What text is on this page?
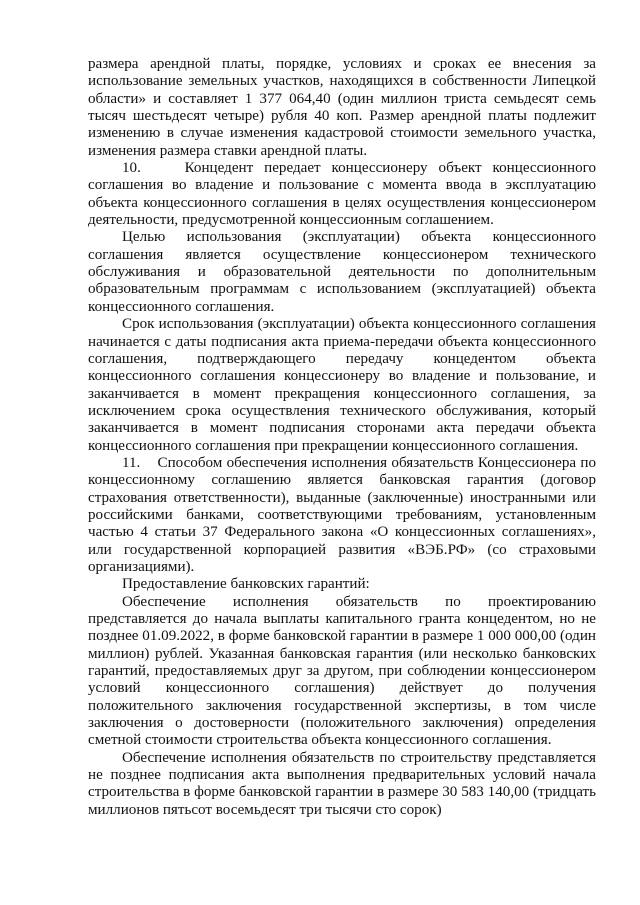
размера арендной платы, порядке, условиях и сроках ее внесения за использование земельных участков, находящихся в собственности Липецкой области» и составляет 1 377 064,40 (один миллион триста семьдесят семь тысяч шестьдесят четыре) рубля 40 коп. Размер арендной платы подлежит изменению в случае изменения кадастровой стоимости земельного участка, изменения размера ставки арендной платы.

10.    Концедент передает концессионеру объект концессионного соглашения во владение и пользование с момента ввода в эксплуатацию объекта концессионного соглашения в целях осуществления концессионером деятельности, предусмотренной концессионным соглашением.

Целью использования (эксплуатации) объекта концессионного соглашения является осуществление концессионером технического обслуживания и образовательной деятельности по дополнительным образовательным программам с использованием (эксплуатацией) объекта концессионного соглашения.

Срок использования (эксплуатации) объекта концессионного соглашения начинается с даты подписания акта приема-передачи объекта концессионного соглашения, подтверждающего передачу концедентом объекта концессионного соглашения концессионеру во владение и пользование, и заканчивается в момент прекращения концессионного соглашения, за исключением срока осуществления технического обслуживания, который заканчивается в момент подписания сторонами акта передачи объекта концессионного соглашения при прекращении концессионного соглашения.

11.    Способом обеспечения исполнения обязательств Концессионера по концессионному соглашению является банковская гарантия (договор страхования ответственности), выданные (заключенные) иностранными или российскими банками, соответствующими требованиям, установленным частью 4 статьи 37 Федерального закона «О концессионных соглашениях», или государственной корпорацией развития «ВЭБ.РФ» (со страховыми организациями).

Предоставление банковских гарантий:

Обеспечение исполнения обязательств по проектированию представляется до начала выплаты капитального гранта концедентом, но не позднее 01.09.2022, в форме банковской гарантии в размере 1 000 000,00 (один миллион) рублей. Указанная банковская гарантия (или несколько банковских гарантий, предоставляемых друг за другом, при соблюдении концессионером условий концессионного соглашения) действует до получения положительного заключения государственной экспертизы, в том числе заключения о достоверности (положительного заключения) определения сметной стоимости строительства объекта концессионного соглашения.

Обеспечение исполнения обязательств по строительству представляется не позднее подписания акта выполнения предварительных условий начала строительства в форме банковской гарантии в размере 30 583 140,00 (тридцать миллионов пятьсот восемьдесят три тысячи сто сорок)
